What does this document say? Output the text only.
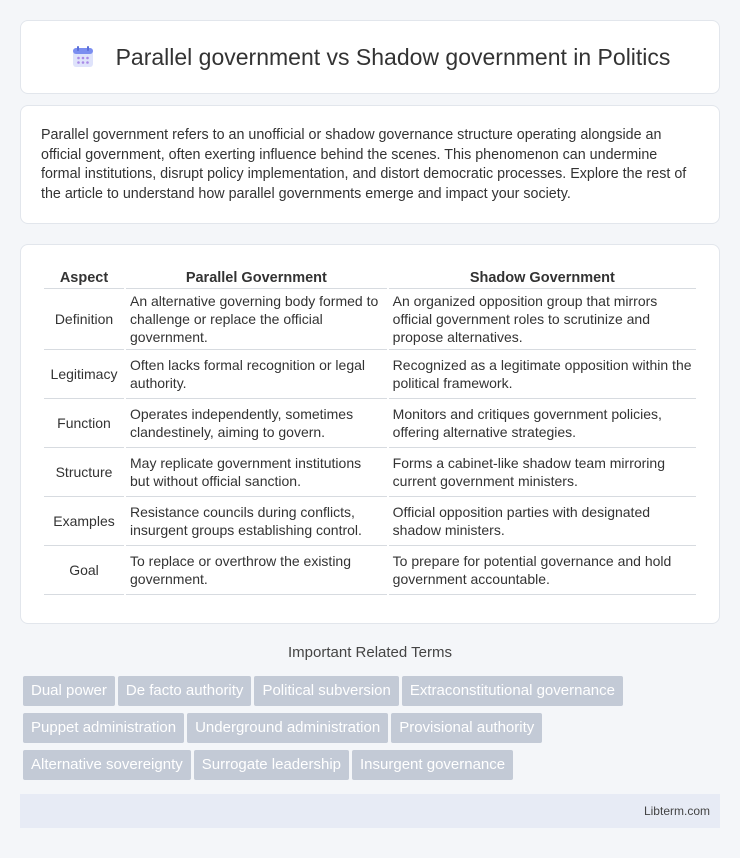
Parallel government vs Shadow government in Politics

Parallel government refers to an unofficial or shadow governance structure operating alongside an official government, often exerting influence behind the scenes. This phenomenon can undermine formal institutions, disrupt policy implementation, and distort democratic processes. Explore the rest of the article to understand how parallel governments emerge and impact your society.

Aspect	Parallel Government	Shadow Government
Definition	An alternative governing body formed to challenge or replace the official government.	An organized opposition group that mirrors official government roles to scrutinize and propose alternatives.
Legitimacy	Often lacks formal recognition or legal authority.	Recognized as a legitimate opposition within the political framework.
Function	Operates independently, sometimes clandestinely, aiming to govern.	Monitors and critiques government policies, offering alternative strategies.
Structure	May replicate government institutions but without official sanction.	Forms a cabinet-like shadow team mirroring current government ministers.
Examples	Resistance councils during conflicts, insurgent groups establishing control.	Official opposition parties with designated shadow ministers.
Goal	To replace or overthrow the existing government.	To prepare for potential governance and hold government accountable.
Important Related Terms
Dual power De facto authority Political subversion Extraconstitutional governance
Puppet administration Underground administration Provisional authority
Alternative sovereignty Surrogate leadership Insurgent governance
Libterm.com
